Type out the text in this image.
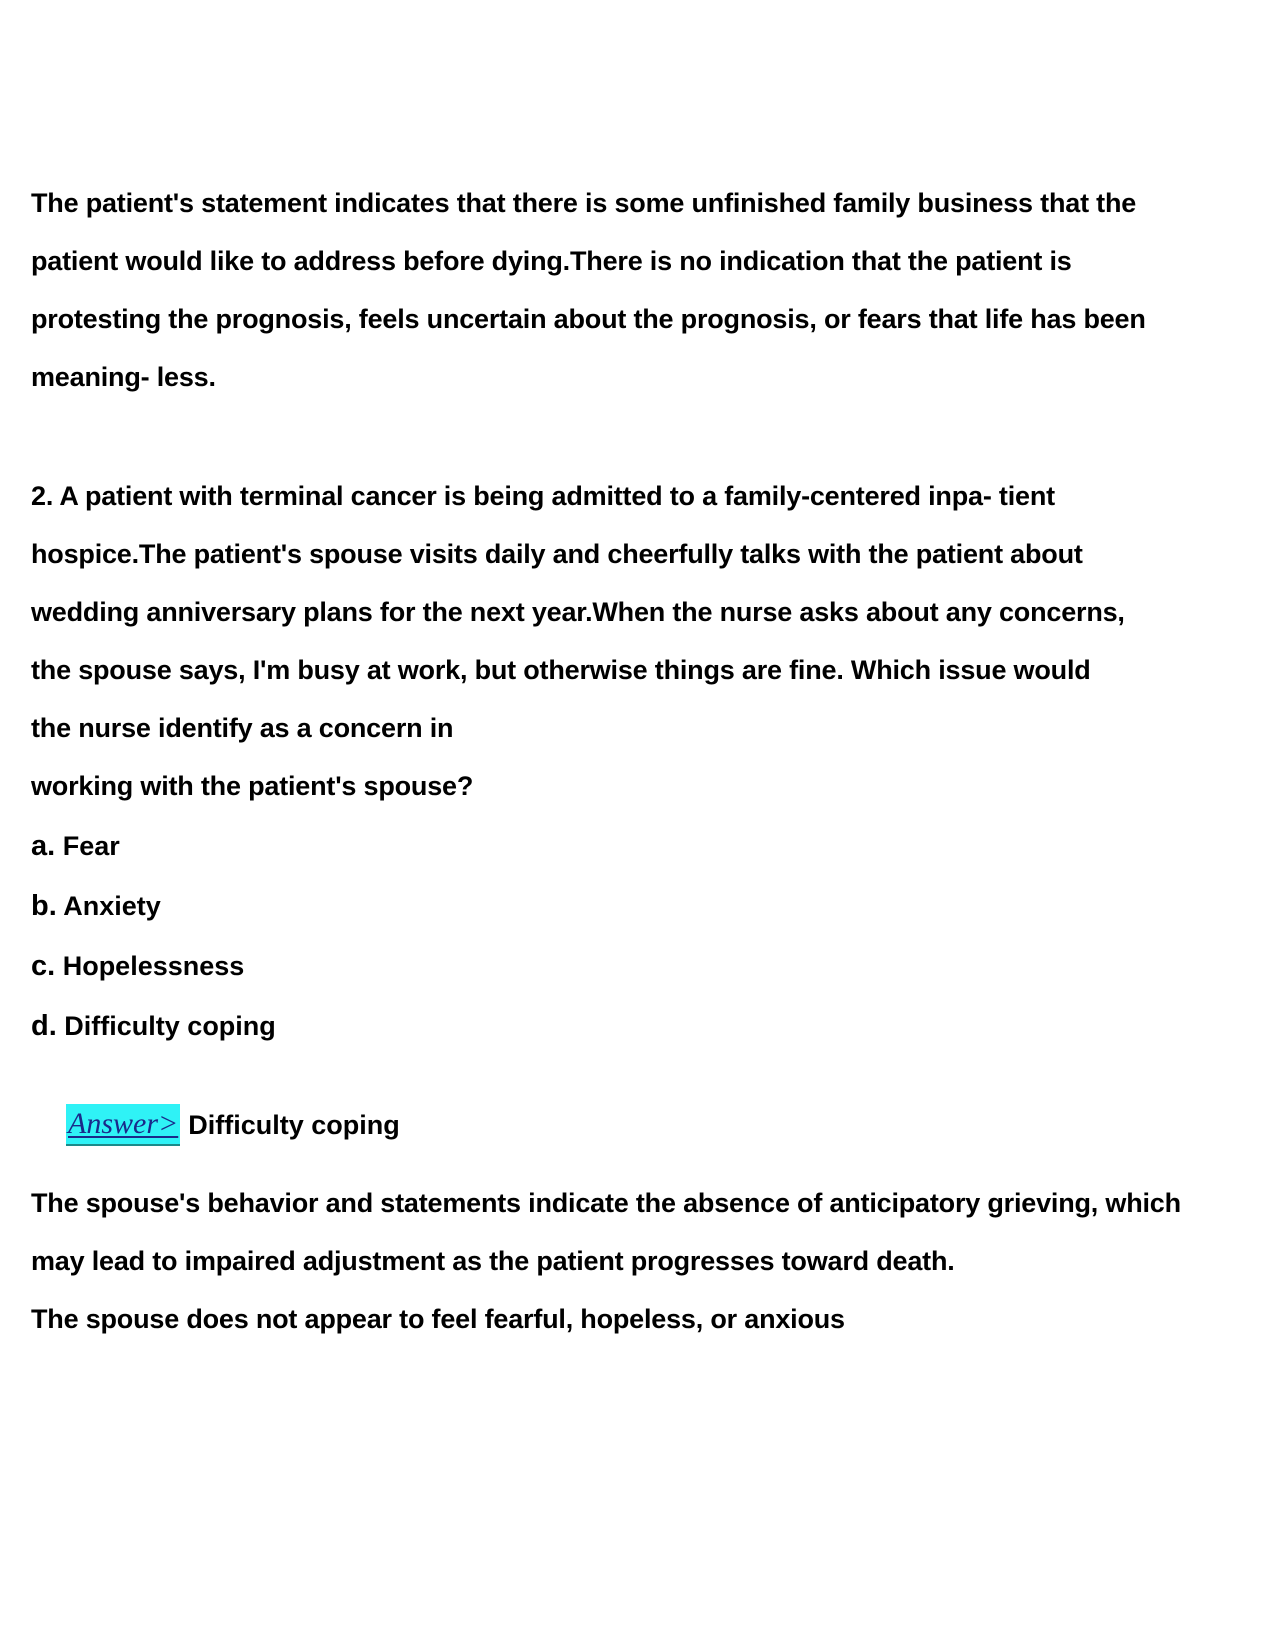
The patient's statement indicates that there is some unfinished family business that the
patient would like to address before dying.There is no indication that the patient is
protesting the prognosis, feels uncertain about the prognosis, or fears that life has been
meaning- less.
2. A patient with terminal cancer is being admitted to a family-centered inpa- tient
hospice.The patient's spouse visits daily and cheerfully talks with the patient about
wedding anniversary plans for the next year.When the nurse asks about any concerns,
the spouse says, I'm busy at work, but otherwise things are fine. Which issue would
the nurse identify as a concern in
working with the patient's spouse?
a. Fear
b. Anxiety
c. Hopelessness
d. Difficulty coping
Answer> Difficulty coping
The spouse's behavior and statements indicate the absence of anticipatory grieving, which
may lead to impaired adjustment as the patient progresses toward death.
The spouse does not appear to feel fearful, hopeless, or anxious
